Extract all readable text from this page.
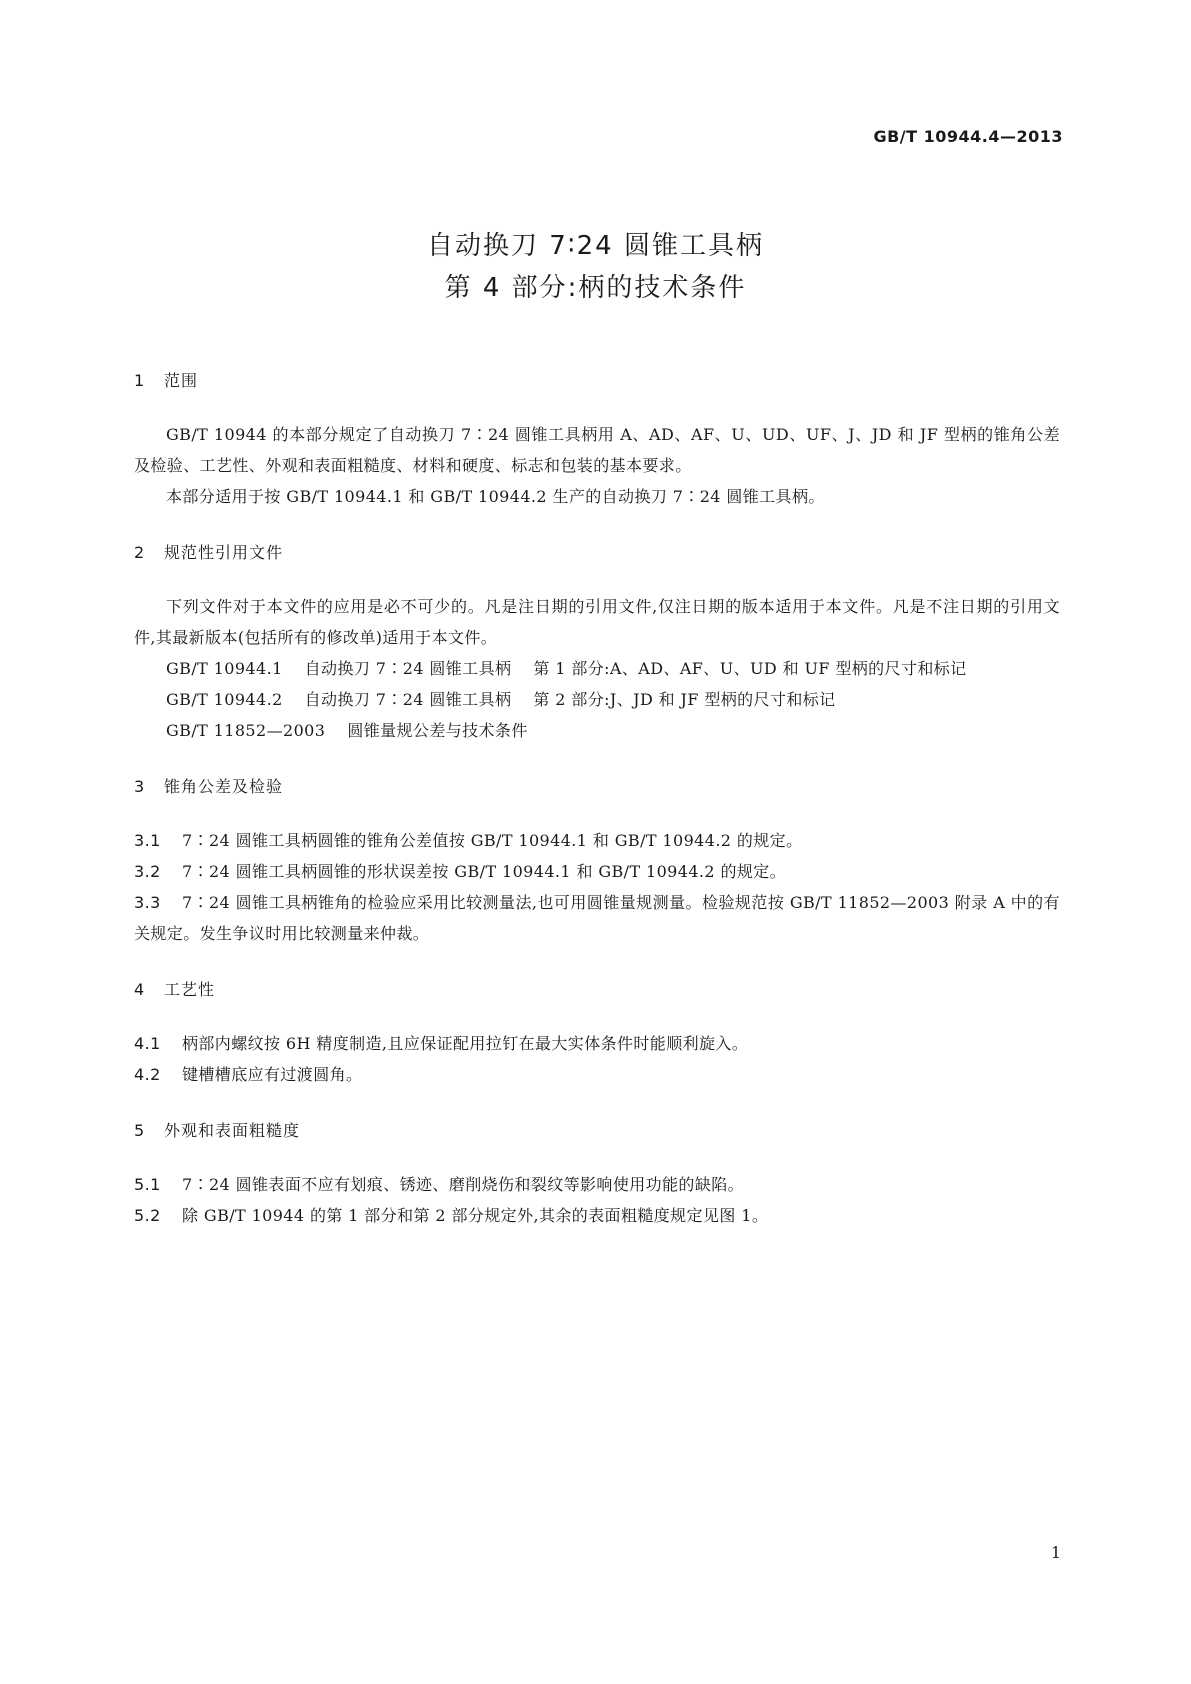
GB/T 10944.4—2013
自动换刀 7∶24 圆锥工具柄
第 4 部分:柄的技术条件
1 范围
GB/T 10944 的本部分规定了自动换刀 7∶24 圆锥工具柄用 A、AD、AF、U、UD、UF、J、JD 和 JF 型柄的锥角公差及检验、工艺性、外观和表面粗糙度、材料和硬度、标志和包装的基本要求。
本部分适用于按 GB/T 10944.1 和 GB/T 10944.2 生产的自动换刀 7∶24 圆锥工具柄。
2 规范性引用文件
下列文件对于本文件的应用是必不可少的。凡是注日期的引用文件,仅注日期的版本适用于本文件。凡是不注日期的引用文件,其最新版本(包括所有的修改单)适用于本文件。
GB/T 10944.1 自动换刀 7∶24 圆锥工具柄 第 1 部分:A、AD、AF、U、UD 和 UF 型柄的尺寸和标记
GB/T 10944.2 自动换刀 7∶24 圆锥工具柄 第 2 部分:J、JD 和 JF 型柄的尺寸和标记
GB/T 11852—2003 圆锥量规公差与技术条件
3 锥角公差及检验
3.1 7∶24 圆锥工具柄圆锥的锥角公差值按 GB/T 10944.1 和 GB/T 10944.2 的规定。
3.2 7∶24 圆锥工具柄圆锥的形状误差按 GB/T 10944.1 和 GB/T 10944.2 的规定。
3.3 7∶24 圆锥工具柄锥角的检验应采用比较测量法,也可用圆锥量规测量。检验规范按 GB/T 11852—2003 附录 A 中的有关规定。发生争议时用比较测量来仲裁。
4 工艺性
4.1 柄部内螺纹按 6H 精度制造,且应保证配用拉钉在最大实体条件时能顺利旋入。
4.2 键槽槽底应有过渡圆角。
5 外观和表面粗糙度
5.1 7∶24 圆锥表面不应有划痕、锈迹、磨削烧伤和裂纹等影响使用功能的缺陷。
5.2 除 GB/T 10944 的第 1 部分和第 2 部分规定外,其余的表面粗糙度规定见图 1。
1
